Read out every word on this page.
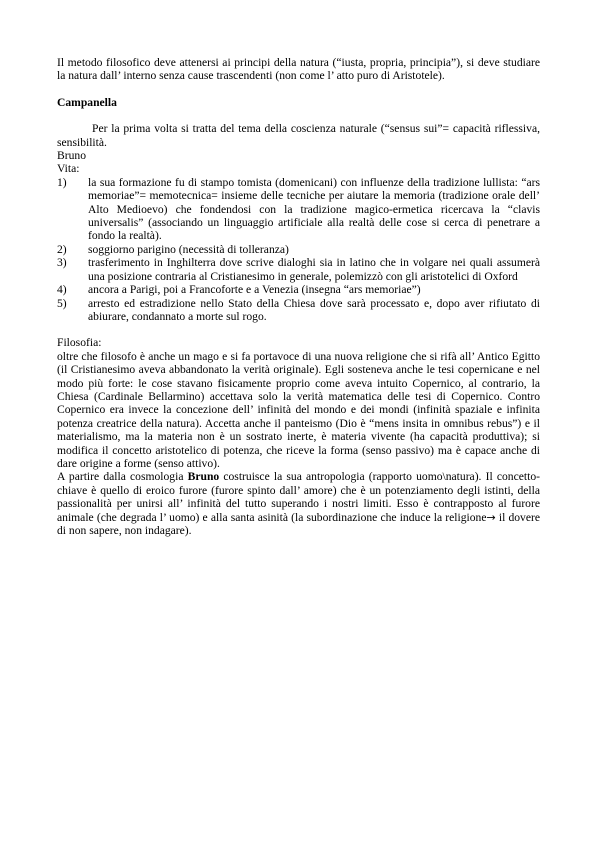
Il metodo filosofico deve attenersi ai principi della natura (“iusta, propria, principia”), si deve studiare la natura dall’ interno senza cause trascendenti (non come l’ atto puro di Aristotele).

Campanella

Per la prima volta si tratta del tema della coscienza naturale (“sensus sui”= capacità riflessiva, sensibilità.

Bruno

Vita:

1)	la sua formazione fu di stampo tomista (domenicani) con influenze della tradizione lullista: “ars memoriae”= memotecnica= insieme delle tecniche per aiutare la memoria (tradizione orale dell’ Alto Medioevo) che fondendosi con la tradizione magico-ermetica ricercava la “clavis universalis” (associando un linguaggio artificiale alla realtà delle cose si cerca di penetrare a fondo la realtà).
2)	soggiorno parigino (necessità di tolleranza)
3)	trasferimento in Inghilterra dove scrive dialoghi sia in latino che in volgare nei quali assumerà una posizione contraria al Cristianesimo in generale, polemizzò con gli aristotelici di Oxford
4)	ancora a Parigi, poi a Francoforte e a Venezia (insegna “ars memoriae”)
5)	arresto ed estradizione nello Stato della Chiesa dove sarà processato e, dopo aver rifiutato di abiurare, condannato a morte sul rogo.

Filosofia:

oltre che filosofo è anche un mago e si fa portavoce di una nuova religione che si rifà all’ Antico Egitto (il Cristianesimo aveva abbandonato la verità originale). Egli sosteneva anche le tesi copernicane e nel modo più forte: le cose stavano fisicamente proprio come aveva intuito Copernico, al contrario, la Chiesa (Cardinale Bellarmino) accettava solo la verità matematica delle tesi di Copernico. Contro Copernico era invece la concezione dell’ infinità del mondo e dei mondi (infinità spaziale e infinita potenza creatrice della natura). Accetta anche il panteismo (Dio è “mens insita in omnibus rebus”) e il materialismo, ma la materia non è un sostrato inerte, è materia vivente (ha capacità produttiva); si modifica il concetto aristotelico di potenza, che riceve la forma (senso passivo) ma è capace anche di dare origine a forme (senso attivo).

A partire dalla cosmologia Bruno costruisce la sua antropologia (rapporto uomo\natura). Il concetto-chiave è quello di eroico furore (furore spinto dall’ amore) che è un potenziamento degli istinti, della passionalità per unirsi all’ infinità del tutto superando i nostri limiti. Esso è contrapposto al furore animale (che degrada l’ uomo) e alla santa asinità (la subordinazione che induce la religione→ il dovere di non sapere, non indagare).
